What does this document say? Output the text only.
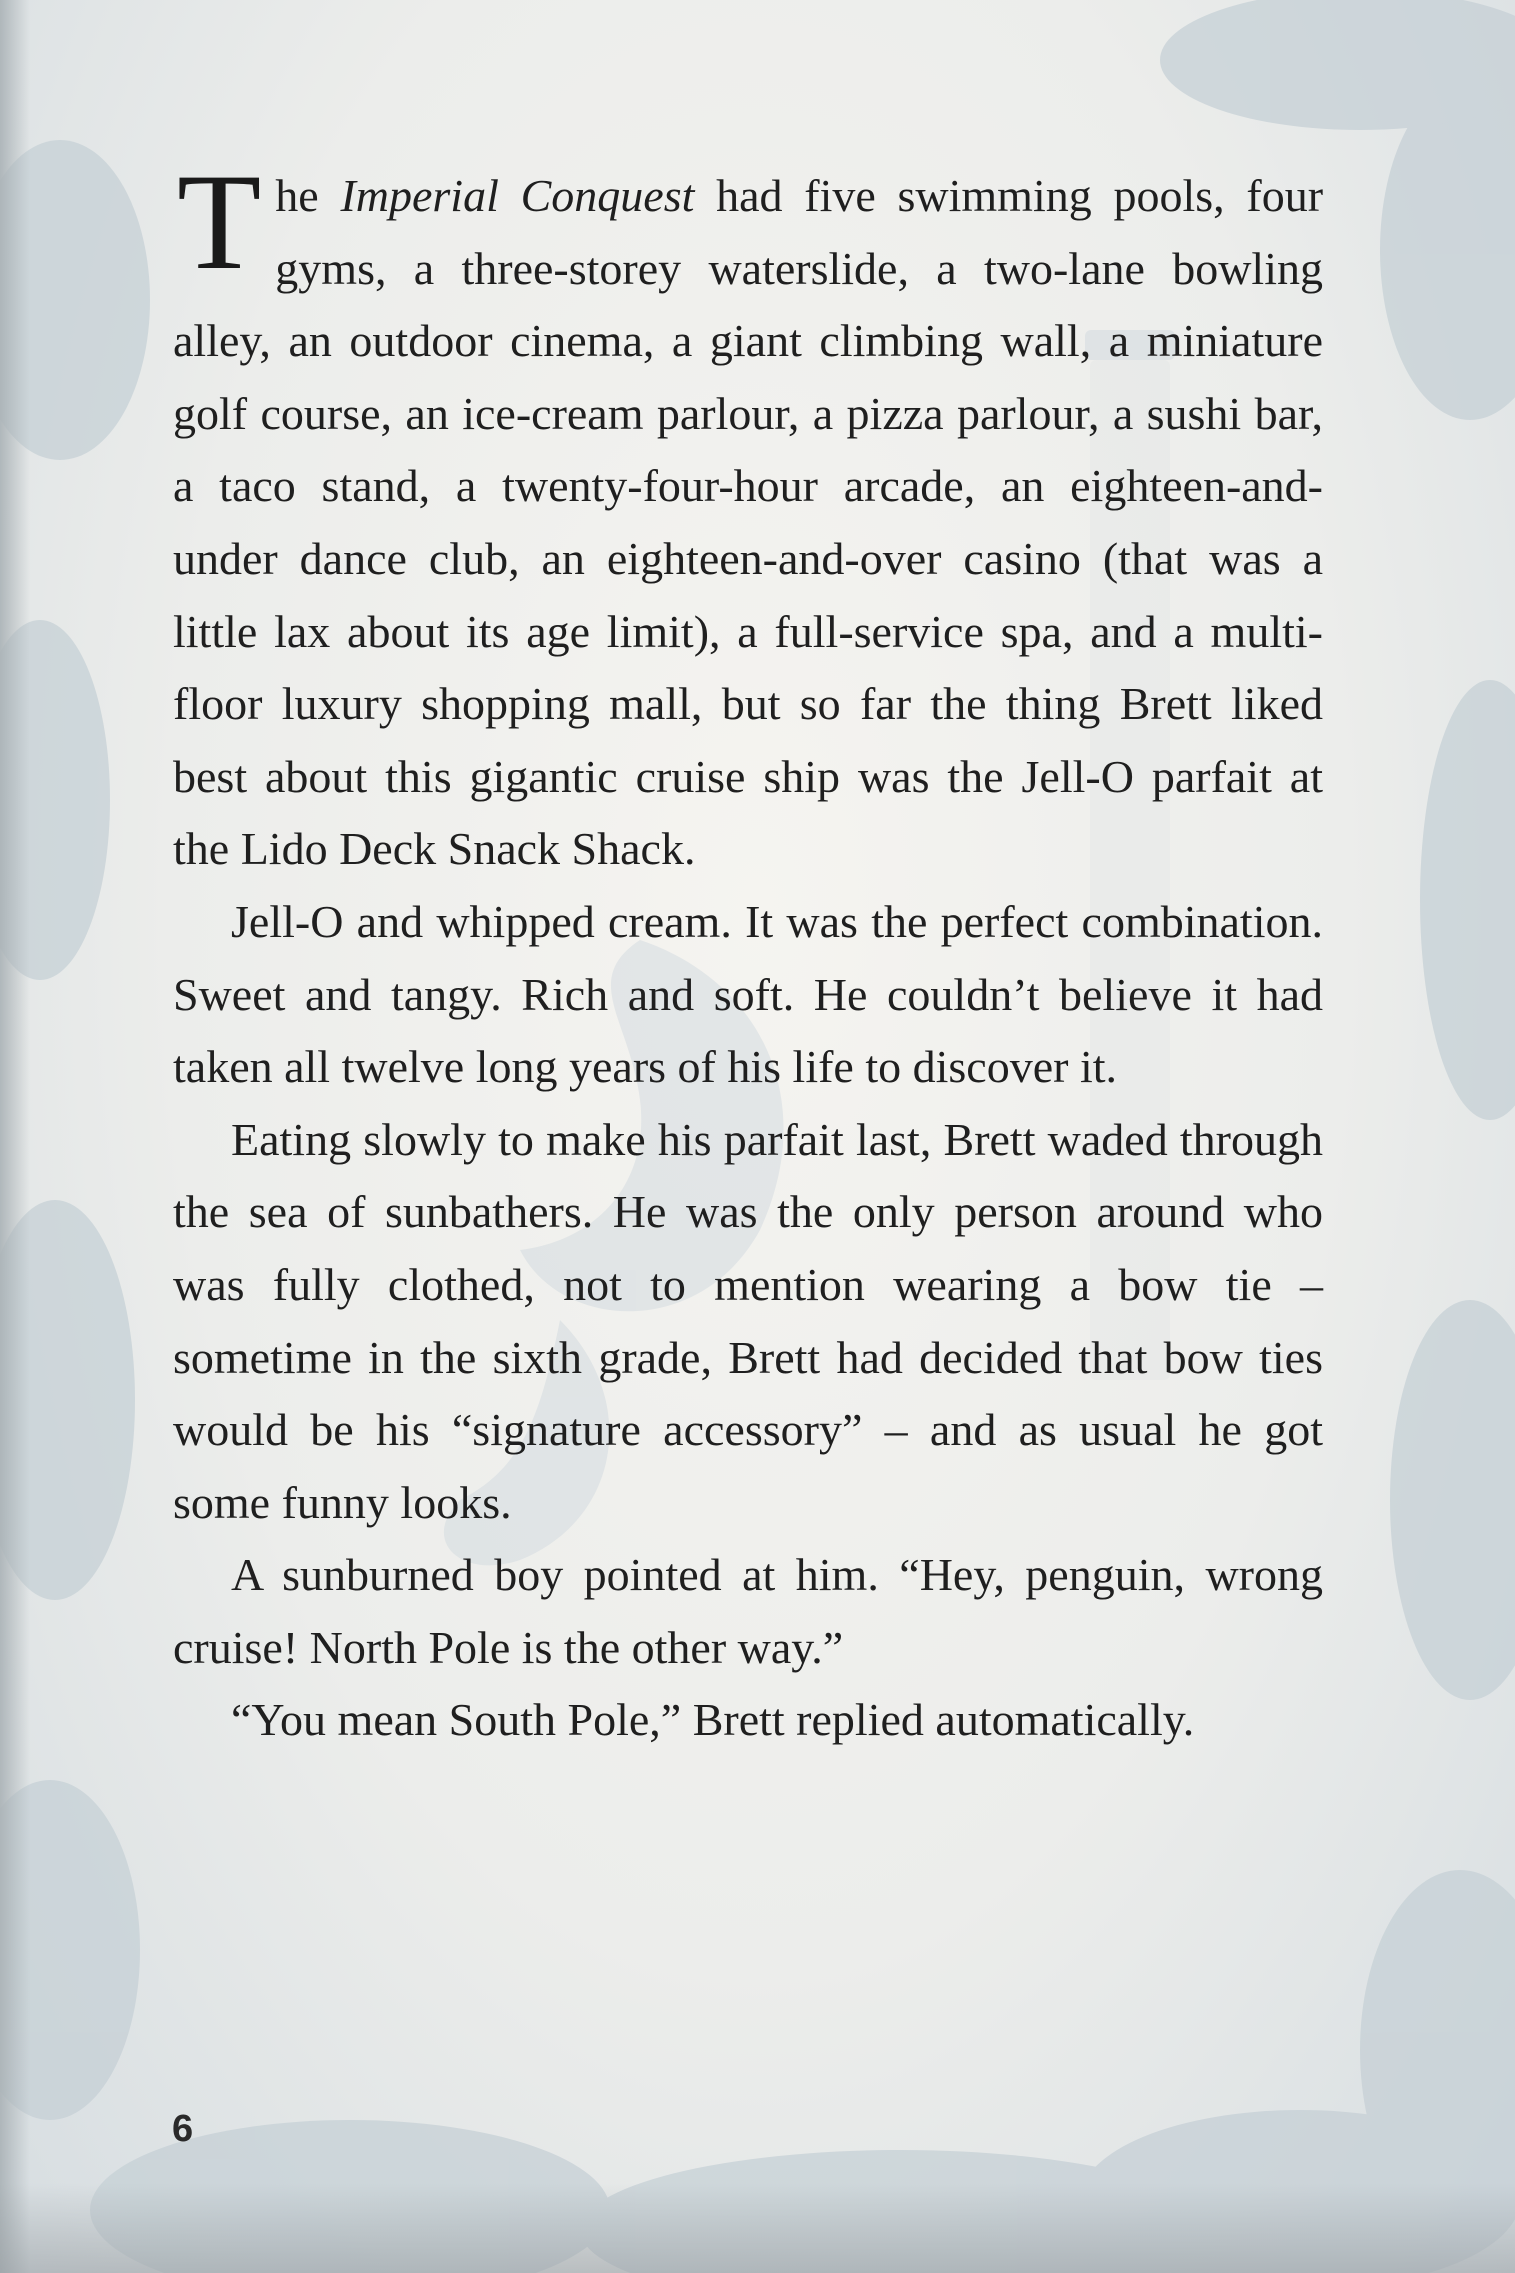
The Imperial Conquest had five swimming pools, four gyms, a three-storey waterslide, a two-lane bowling alley, an outdoor cinema, a giant climbing wall, a miniature golf course, an ice-cream parlour, a pizza parlour, a sushi bar, a taco stand, a twenty-four-hour arcade, an eighteen-and-under dance club, an eighteen-and-over casino (that was a little lax about its age limit), a full-service spa, and a multi-floor luxury shopping mall, but so far the thing Brett liked best about this gigantic cruise ship was the Jell-O parfait at the Lido Deck Snack Shack.

Jell-O and whipped cream. It was the perfect combination. Sweet and tangy. Rich and soft. He couldn’t believe it had taken all twelve long years of his life to discover it.

Eating slowly to make his parfait last, Brett waded through the sea of sunbathers. He was the only person around who was fully clothed, not to mention wearing a bow tie – sometime in the sixth grade, Brett had decided that bow ties would be his “signature accessory” – and as usual he got some funny looks.

A sunburned boy pointed at him. “Hey, penguin, wrong cruise! North Pole is the other way.”

“You mean South Pole,” Brett replied automatically.

6
